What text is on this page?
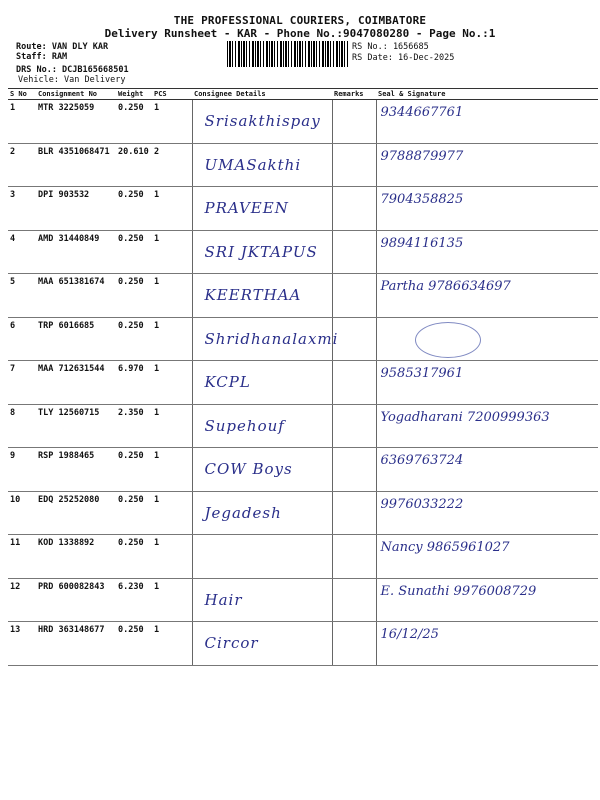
THE PROFESSIONAL COURIERS, COIMBATORE
Delivery Runsheet - KAR - Phone No.:9047080280 - Page No.:1
Route: VAN DLY KAR
Staff: RAM
DRS No.: DCJB165668501
Vehicle: Van Delivery
RS No.: 1656685
RS Date: 16-Dec-2025
S No	Consignment No	Weight	PCS	Consignee Details	Remarks	Seal & Signature
1	MTR 3225059	0.250	1	Srisakthispay		9344667761

2	BLR 4351068471	20.610	2	UMASakthi		9788879977

3	DPI 903532	0.250	1	PRAVEEN		7904358825

4	AMD 31440849	0.250	1	SRI JKTAPUS		9894116135

5	MAA 651381674	0.250	1	KEERTHAA		Partha 9786634697

6	TRP 6016685	0.250	1	Shridhanalaxmi		

7	MAA 712631544	6.970	1	KCPL		9585317961

8	TLY 12560715	2.350	1	Supehouf		Yogadharani 7200999363

9	RSP 1988465	0.250	1	COW Boys		6369763724

10	EDQ 25252080	0.250	1	Jegadesh		9976033222

11	KOD 1338892	0.250	1			Nancy 9865961027

12	PRD 600082843	6.230	1	Hair		E. Sunathi 9976008729

13	HRD 363148677	0.250	1	Circor		16/12/25
